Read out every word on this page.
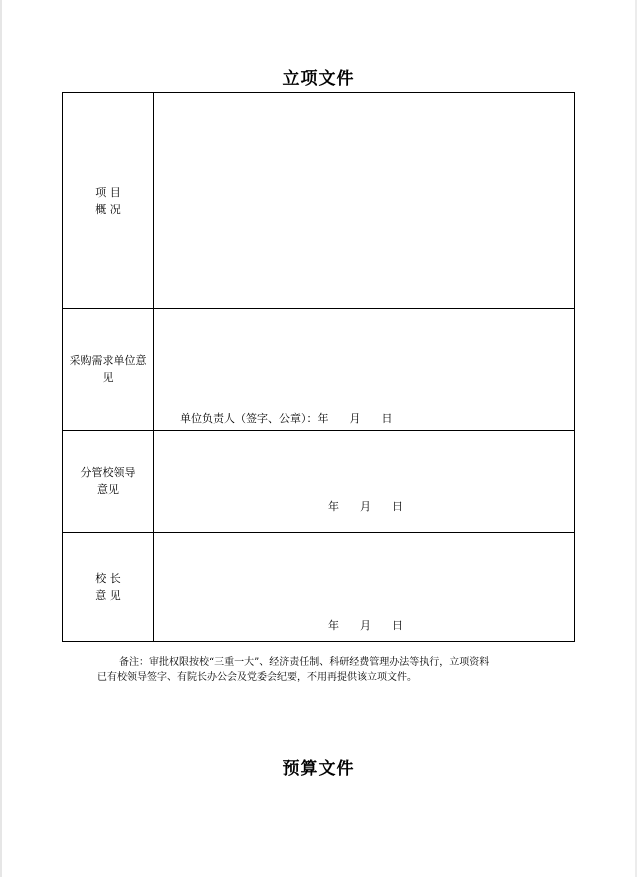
立项文件
项 目
概 况
采购需求单位意
见
单位负责人（签字、公章）：年      月      日
分管校领导
意见
年      月      日
校 长
意 见
年      月      日
备注：审批权限按校“三重一大”、经济责任制、科研经费管理办法等执行，立项资料
已有校领导签字、有院长办公会及党委会纪要，不用再提供该立项文件。
预算文件
